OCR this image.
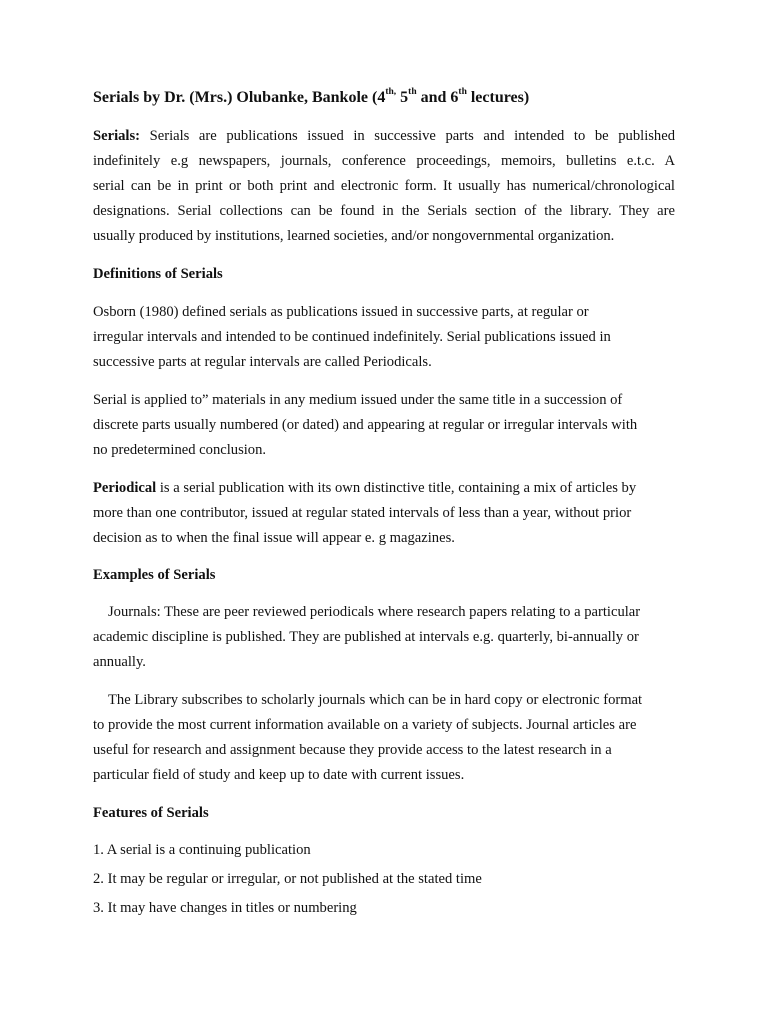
Serials by Dr. (Mrs.) Olubanke, Bankole ($4^{th,}$ 5th and 6th lectures)
Serials: Serials are publications issued in successive parts and intended to be published
indefinitely e.g newspapers, journals, conference proceedings, memoirs, bulletins e.t.c. A
serial can be in print or both print and electronic form. It usually has numerical/chronological
designations. Serial collections can be found in the Serials section of the library. They are
usually produced by institutions, learned societies, and/or nongovernmental organization.
Definitions of Serials
Osborn (1980) defined serials as publications issued in successive parts, at regular or
irregular intervals and intended to be continued indefinitely. Serial publications issued in
successive parts at regular intervals are called Periodicals.
Serial is applied to” materials in any medium issued under the same title in a succession of
discrete parts usually numbered (or dated) and appearing at regular or irregular intervals with
no predetermined conclusion.
Periodical is a serial publication with its own distinctive title, containing a mix of articles by
more than one contributor, issued at regular stated intervals of less than a year, without prior
decision as to when the final issue will appear e. g magazines.
Examples of Serials
Journals: These are peer reviewed periodicals where research papers relating to a particular
academic discipline is published. They are published at intervals e.g. quarterly, bi-annually or
annually.
The Library subscribes to scholarly journals which can be in hard copy or electronic format
to provide the most current information available on a variety of subjects. Journal articles are
useful for research and assignment because they provide access to the latest research in a
particular field of study and keep up to date with current issues.
Features of Serials
1. A serial is a continuing publication
2. It may be regular or irregular, or not published at the stated time
3. It may have changes in titles or numbering
